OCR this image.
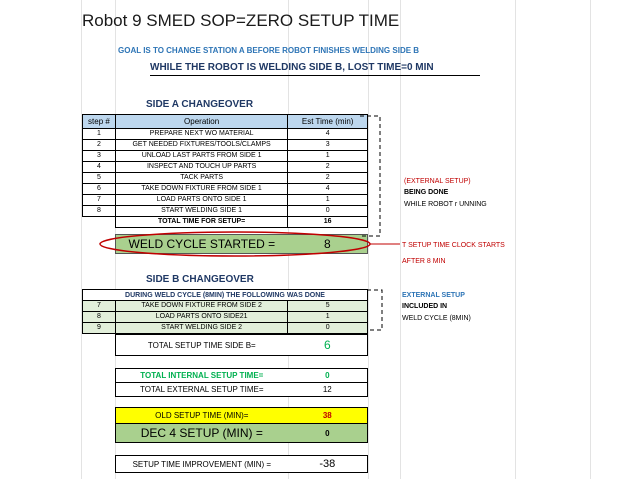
Robot 9 SMED SOP=ZERO SETUP TIME
GOAL IS TO CHANGE STATION A BEFORE ROBOT FINISHES WELDING SIDE B
WHILE THE ROBOT IS WELDING SIDE B, LOST TIME=0 MIN
SIDE A CHANGEOVER
step #	Operation	Est Time (min)
1	PREPARE NEXT WO MATERIAL	4
2	GET NEEDED FIXTURES/TOOLS/CLAMPS	3
3	UNLOAD LAST PARTS FROM SIDE 1	1
4	INSPECT AND TOUCH UP PARTS	2
5	TACK PARTS	2
6	TAKE DOWN FIXTURE FROM SIDE 1	4
7	LOAD PARTS ONTO SIDE 1	1
8	START WELDING SIDE 1	0
	TOTAL TIME FOR SETUP=	16
WELD CYCLE STARTED =	8
(EXTERNAL SETUP)
BEING DONE
WHILE ROBOT r UNNING
T SETUP TIME CLOCK STARTS
AFTER 8 MIN
SIDE B CHANGEOVER
DURING WELD CYCLE (8MIN) THE FOLLOWING WAS DONE
7	TAKE DOWN FIXTURE FROM SIDE 2	5
8	LOAD PARTS ONTO SIDE21	1
9	START WELDING SIDE 2	0
TOTAL SETUP TIME SIDE B=	6
EXTERNAL SETUP
INCLUDED IN
WELD CYCLE (8MIN)
TOTAL INTERNAL SETUP TIME=	0
TOTAL EXTERNAL SETUP TIME=	12
OLD SETUP TIME (MIN)=	38
DEC 4 SETUP (MIN) =	0
SETUP TIME IMPROVEMENT (MIN) =	-38
